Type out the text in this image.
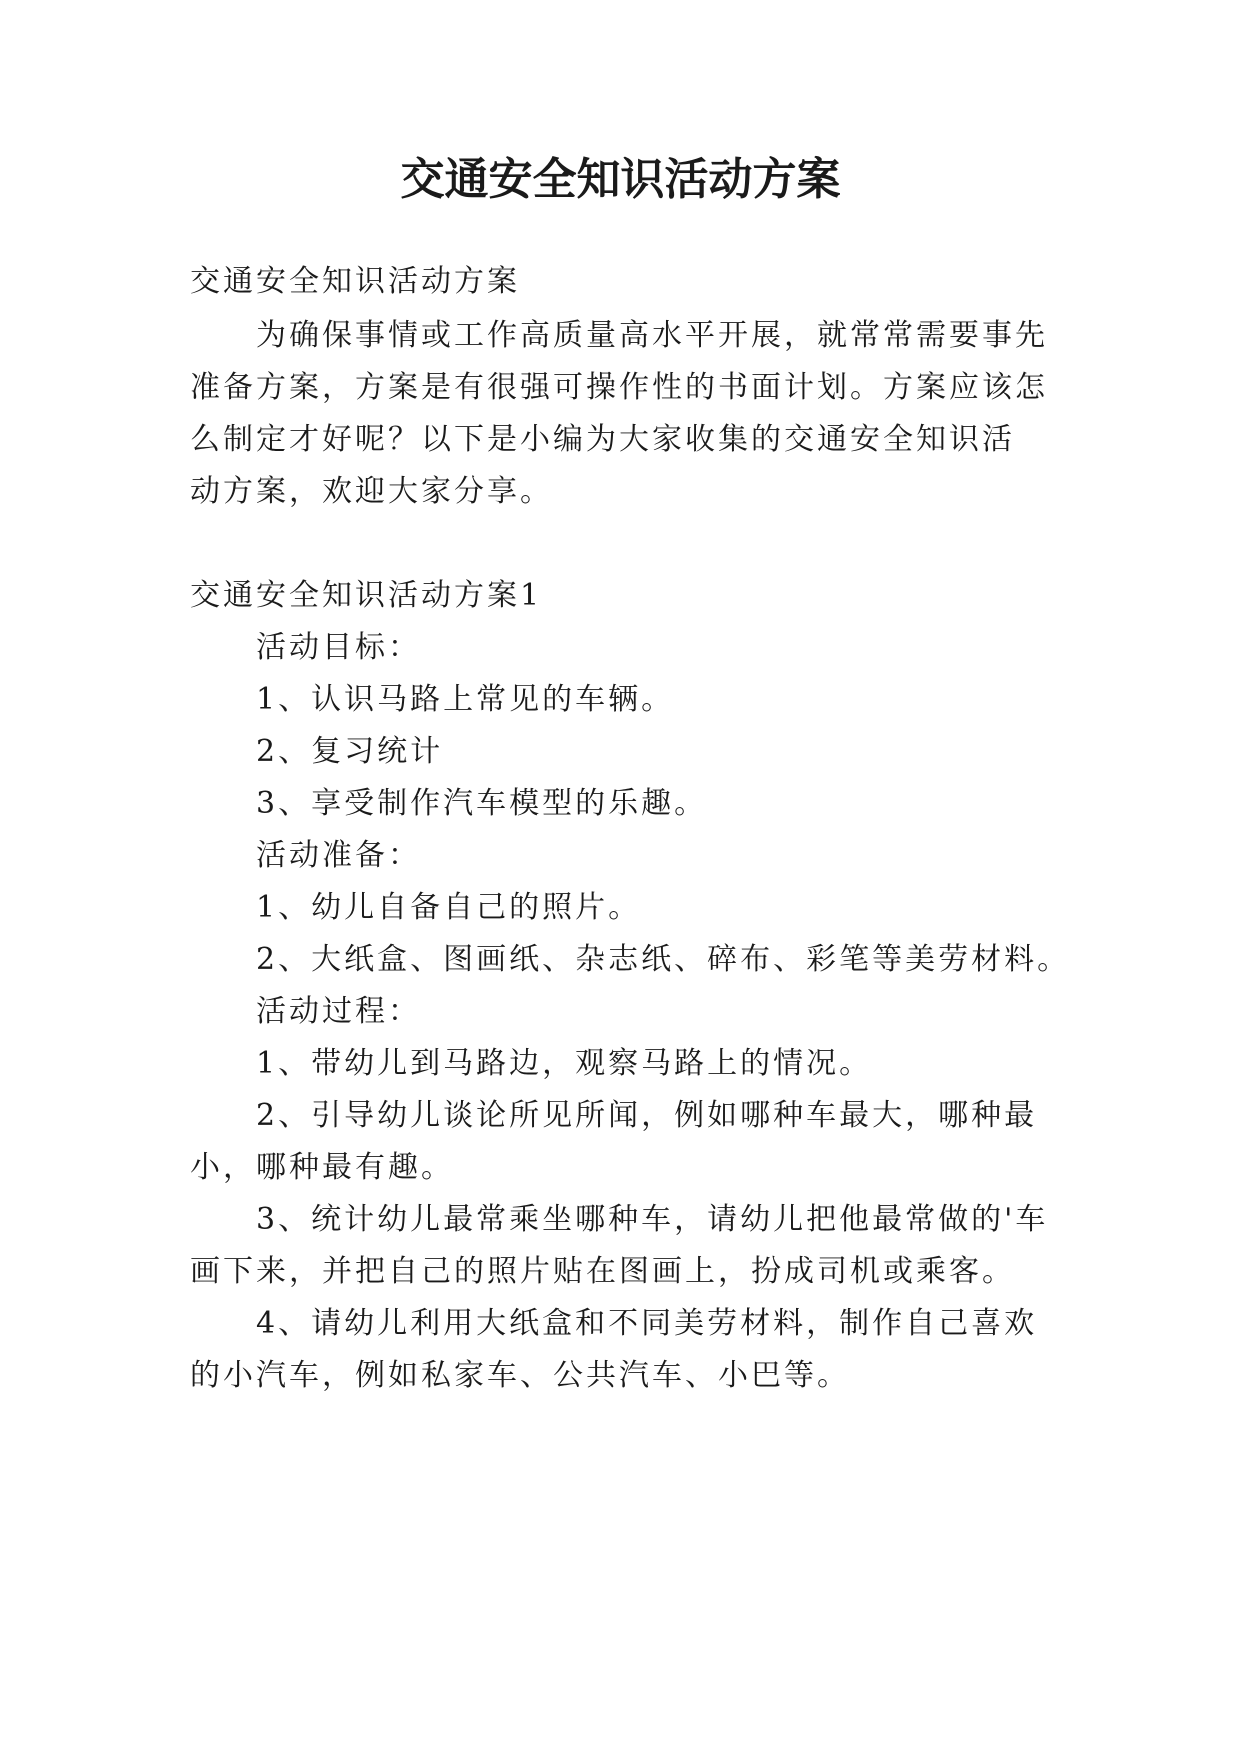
交通安全知识活动方案

交通安全知识活动方案

为确保事情或工作高质量高水平开展，就常常需要事先

准备方案，方案是有很强可操作性的书面计划。方案应该怎

么制定才好呢？以下是小编为大家收集的交通安全知识活

动方案，欢迎大家分享。

交通安全知识活动方案1

活动目标：

1、认识马路上常见的车辆。

2、复习统计

3、享受制作汽车模型的乐趣。

活动准备：

1、幼儿自备自己的照片。

2、大纸盒、图画纸、杂志纸、碎布、彩笔等美劳材料。

活动过程：

1、带幼儿到马路边，观察马路上的情况。

2、引导幼儿谈论所见所闻，例如哪种车最大，哪种最

小，哪种最有趣。

3、统计幼儿最常乘坐哪种车，请幼儿把他最常做的'车

画下来，并把自己的照片贴在图画上，扮成司机或乘客。

4、请幼儿利用大纸盒和不同美劳材料，制作自己喜欢

的小汽车，例如私家车、公共汽车、小巴等。
